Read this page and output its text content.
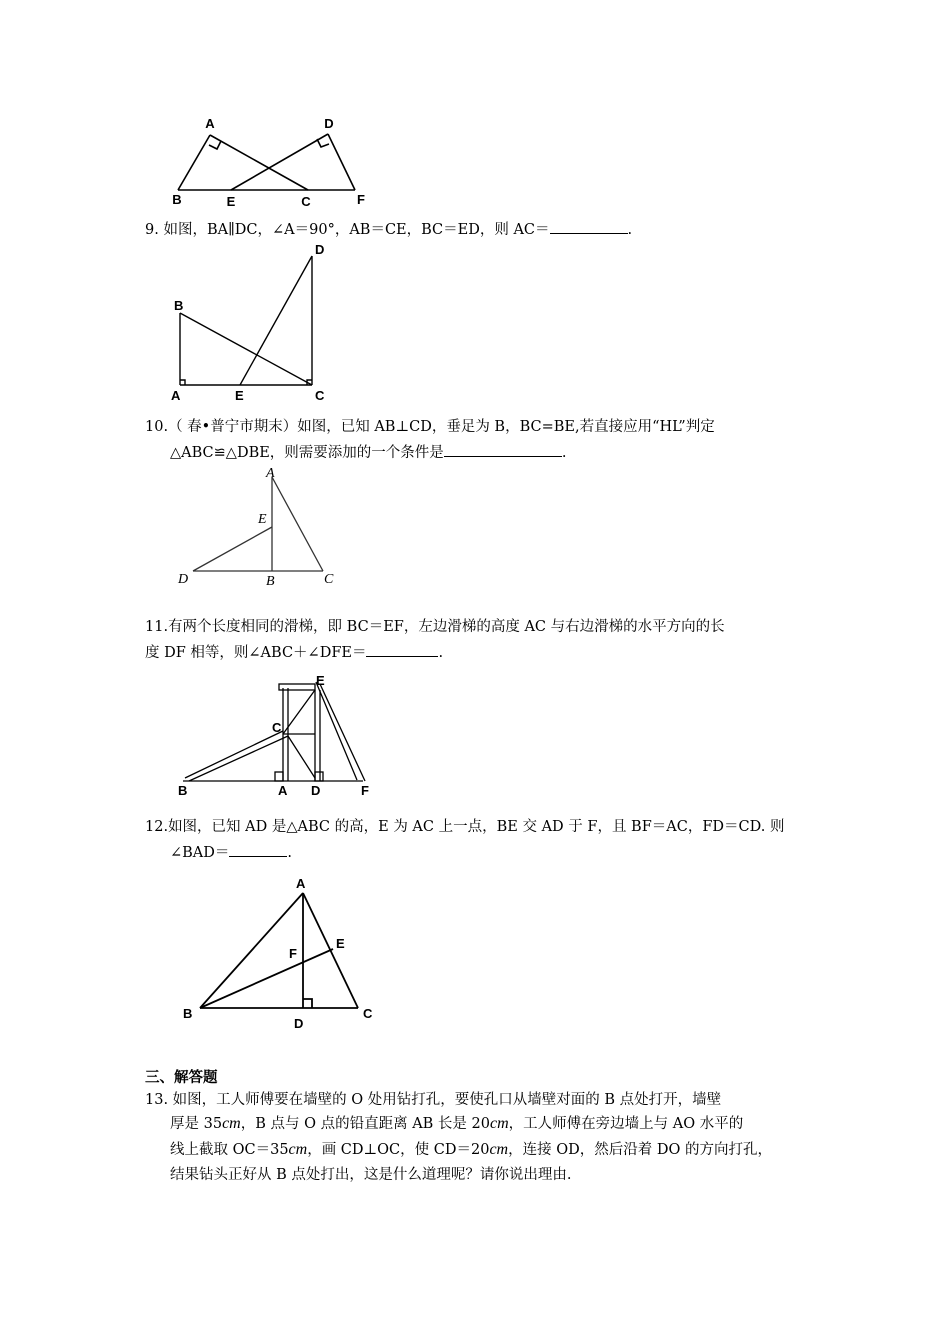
A	D
B	E	C	F
9. 如图，BA∥DC，∠A＝90°，AB＝CE，BC＝ED，则 AC＝	.
D
B
A	E	C
10.（ 春•普宁市期末）如图，已知 AB⊥CD，垂足为 B，BC=BE,若直接应用“HL”判定
△ABC≌△DBE，则需要添加的一个条件是	.
A
E
D	B	C
11.有两个长度相同的滑梯，即 BC＝EF，左边滑梯的高度 AC 与右边滑梯的水平方向的长
度 DF 相等，则∠ABC＋∠DFE＝	.
B	A D	F
E
C
12.如图，已知 AD 是△ABC 的高，E 为 AC 上一点，BE 交 AD 于 F，且 BF＝AC，FD＝CD. 则
∠BAD＝	.
A
F
E
B
D
C
三、解答题
13. 如图，工人师傅要在墙壁的 O 处用钻打孔，要使孔口从墙壁对面的 B 点处打开，墙壁
厚是 35cm，B 点与 O 点的铅直距离 AB 长是 20cm，工人师傅在旁边墙上与 AO 水平的
线上截取 OC＝35cm，画 CD⊥OC，使 CD＝20cm，连接 OD，然后沿着 DO 的方向打孔，
结果钻头正好从 B 点处打出，这是什么道理呢？请你说出理由.
